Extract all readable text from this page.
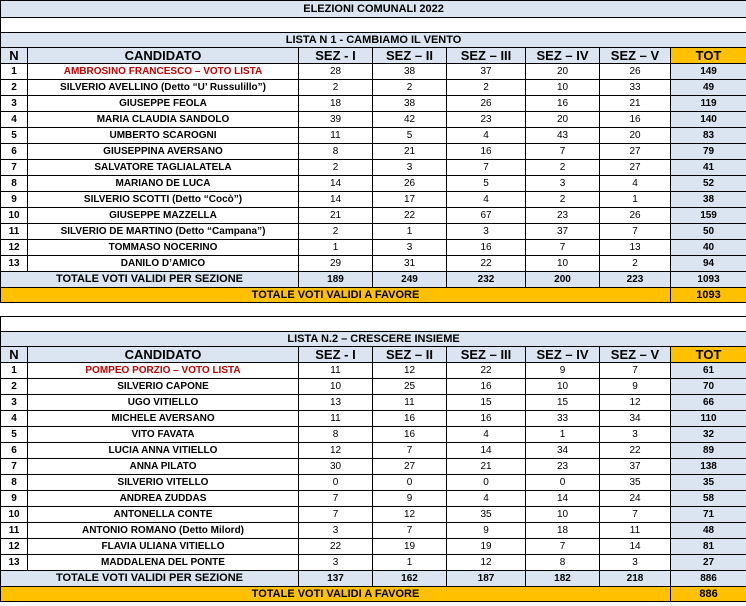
ELEZIONI COMUNALI 2022							

LISTA N 1 - CAMBIAMO IL VENTO							
N	CANDIDATO	SEZ - I	SEZ – II	SEZ – III	SEZ – IV	SEZ – V	TOT
1	AMBROSINO FRANCESCO – VOTO LISTA	28	38	37	20	26	149
2	SILVERIO AVELLINO (Detto “U’ Russulillo”)	2	2	2	10	33	49
3	GIUSEPPE FEOLA	18	38	26	16	21	119
4	MARIA CLAUDIA SANDOLO	39	42	23	20	16	140
5	UMBERTO SCAROGNI	11	5	4	43	20	83
6	GIUSEPPINA AVERSANO	8	21	16	7	27	79
7	SALVATORE TAGLIALATELA	2	3	7	2	27	41
8	MARIANO DE LUCA	14	26	5	3	4	52
9	SILVERIO SCOTTI (Detto “Cocò”)	14	17	4	2	1	38
10	GIUSEPPE MAZZELLA	21	22	67	23	26	159
11	SILVERIO DE MARTINO (Detto “Campana”)	2	1	3	37	7	50
12	TOMMASO NOCERINO	1	3	16	7	13	40
13	DANILO D’AMICO	29	31	22	10	2	94
TOTALE VOTI VALIDI PER SEZIONE		189	249	232	200	223	1093
TOTALE VOTI VALIDI A FAVORE							1093

LISTA N.2 – CRESCERE INSIEME							
N	CANDIDATO	SEZ - I	SEZ – II	SEZ – III	SEZ – IV	SEZ – V	TOT
1	POMPEO PORZIO – VOTO LISTA	11	12	22	9	7	61
2	SILVERIO CAPONE	10	25	16	10	9	70
3	UGO VITIELLO	13	11	15	15	12	66
4	MICHELE AVERSANO	11	16	16	33	34	110
5	VITO FAVATA	8	16	4	1	3	32
6	LUCIA ANNA VITIELLO	12	7	14	34	22	89
7	ANNA PILATO	30	27	21	23	37	138
8	SILVERIO VITELLO	0	0	0	0	35	35
9	ANDREA ZUDDAS	7	9	4	14	24	58
10	ANTONELLA CONTE	7	12	35	10	7	71
11	ANTONIO ROMANO (Detto Milord)	3	7	9	18	11	48
12	FLAVIA ULIANA VITIELLO	22	19	19	7	14	81
13	MADDALENA DEL PONTE	3	1	12	8	3	27
TOTALE VOTI VALIDI PER SEZIONE		137	162	187	182	218	886
TOTALE VOTI VALIDI A FAVORE							886
